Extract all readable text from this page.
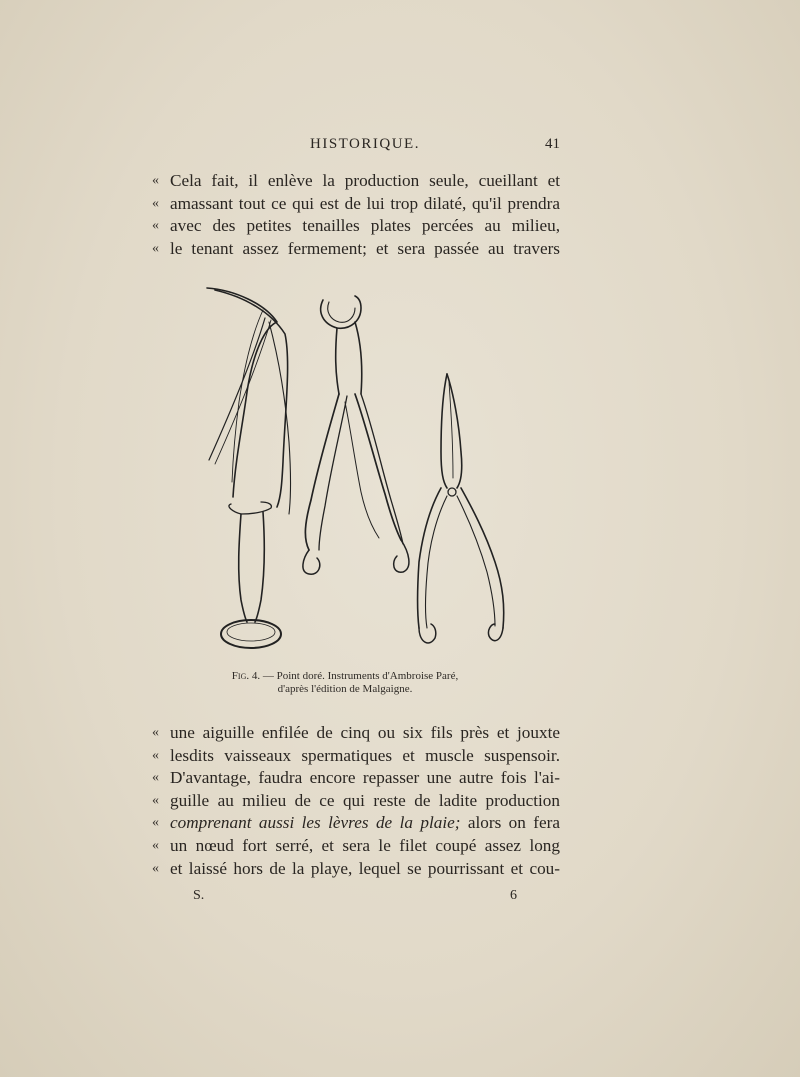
HISTORIQUE.	41
« Cela fait, il enlève la production seule, cueillant et
« amassant tout ce qui est de lui trop dilaté, qu'il prendra
« avec des petites tenailles plates percées au milieu,
« le tenant assez fermement; et sera passée au travers
Fig. 4. — Point doré. Instruments d'Ambroise Paré,
d'après l'édition de Malgaigne.
« une aiguille enfilée de cinq ou six fils près et jouxte
« lesdits vaisseaux spermatiques et muscle suspensoir.
« D'avantage, faudra encore repasser une autre fois l'ai-
« guille au milieu de ce qui reste de ladite production
« comprenant aussi les lèvres de la plaie; alors on fera
« un nœud fort serré, et sera le filet coupé assez long
« et laissé hors de la playe, lequel se pourrissant et cou-
S.	6
